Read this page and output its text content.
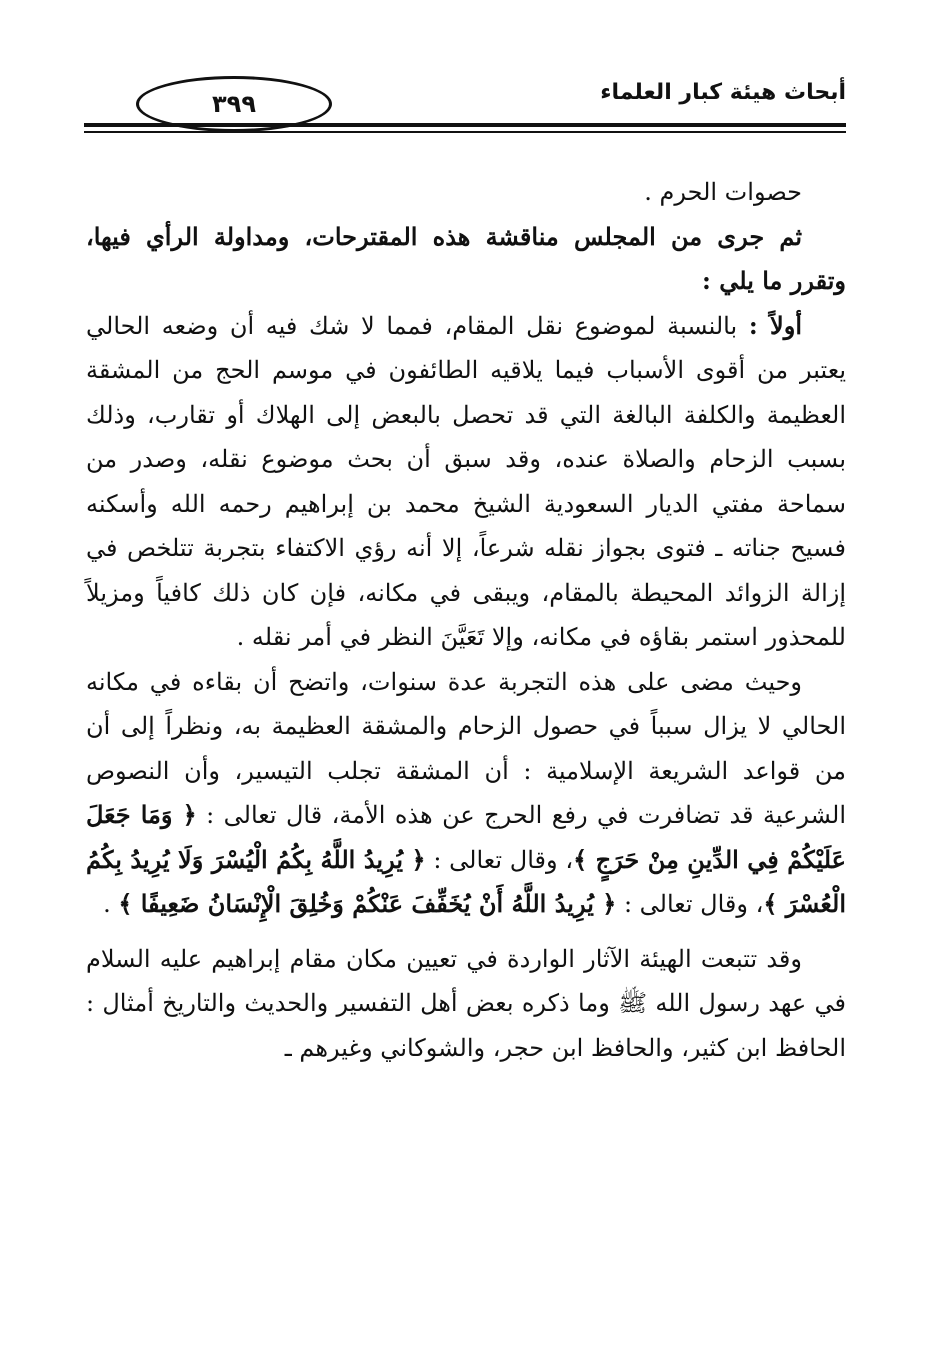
٣٩٩	أبحاث هيئة كبار العلماء

حصوات الحرم .

ثم جرى من المجلس مناقشة هذه المقترحات، ومداولة الرأي فيها، وتقرر ما يلي :

أولاً : بالنسبة لموضوع نقل المقام، فمما لا شك فيه أن وضعه الحالي يعتبر من أقوى الأسباب فيما يلاقيه الطائفون في موسم الحج من المشقة العظيمة والكلفة البالغة التي قد تحصل بالبعض إلى الهلاك أو تقارب، وذلك بسبب الزحام والصلاة عنده، وقد سبق أن بحث موضوع نقله، وصدر من سماحة مفتي الديار السعودية الشيخ محمد بن إبراهيم رحمه الله وأسكنه فسيح جناته ـ فتوى بجواز نقله شرعاً، إلا أنه رؤي الاكتفاء بتجربة تتلخص في إزالة الزوائد المحيطة بالمقام، ويبقى في مكانه، فإن كان ذلك كافياً ومزيلاً للمحذور استمر بقاؤه في مكانه، وإلا تَعَيَّنَ النظر في أمر نقله .

وحيث مضى على هذه التجربة عدة سنوات، واتضح أن بقاءه في مكانه الحالي لا يزال سبباً في حصول الزحام والمشقة العظيمة به، ونظراً إلى أن من قواعد الشريعة الإسلامية : أن المشقة تجلب التيسير، وأن النصوص الشرعية قد تضافرت في رفع الحرج عن هذه الأمة، قال تعالى : ﴿ وَمَا جَعَلَ عَلَيْكُمْ فِي الدِّينِ مِنْ حَرَجٍ ﴾، وقال تعالى : ﴿ يُرِيدُ اللَّهُ بِكُمُ الْيُسْرَ وَلَا يُرِيدُ بِكُمُ الْعُسْرَ ﴾، وقال تعالى : ﴿ يُرِيدُ اللَّهُ أَنْ يُخَفِّفَ عَنْكُمْ وَخُلِقَ الْإِنْسَانُ ضَعِيفًا ﴾ .

وقد تتبعت الهيئة الآثار الواردة في تعيين مكان مقام إبراهيم عليه السلام في عهد رسول الله ﷺ وما ذكره بعض أهل التفسير والحديث والتاريخ أمثال : الحافظ ابن كثير، والحافظ ابن حجر، والشوكاني وغيرهم ـ
